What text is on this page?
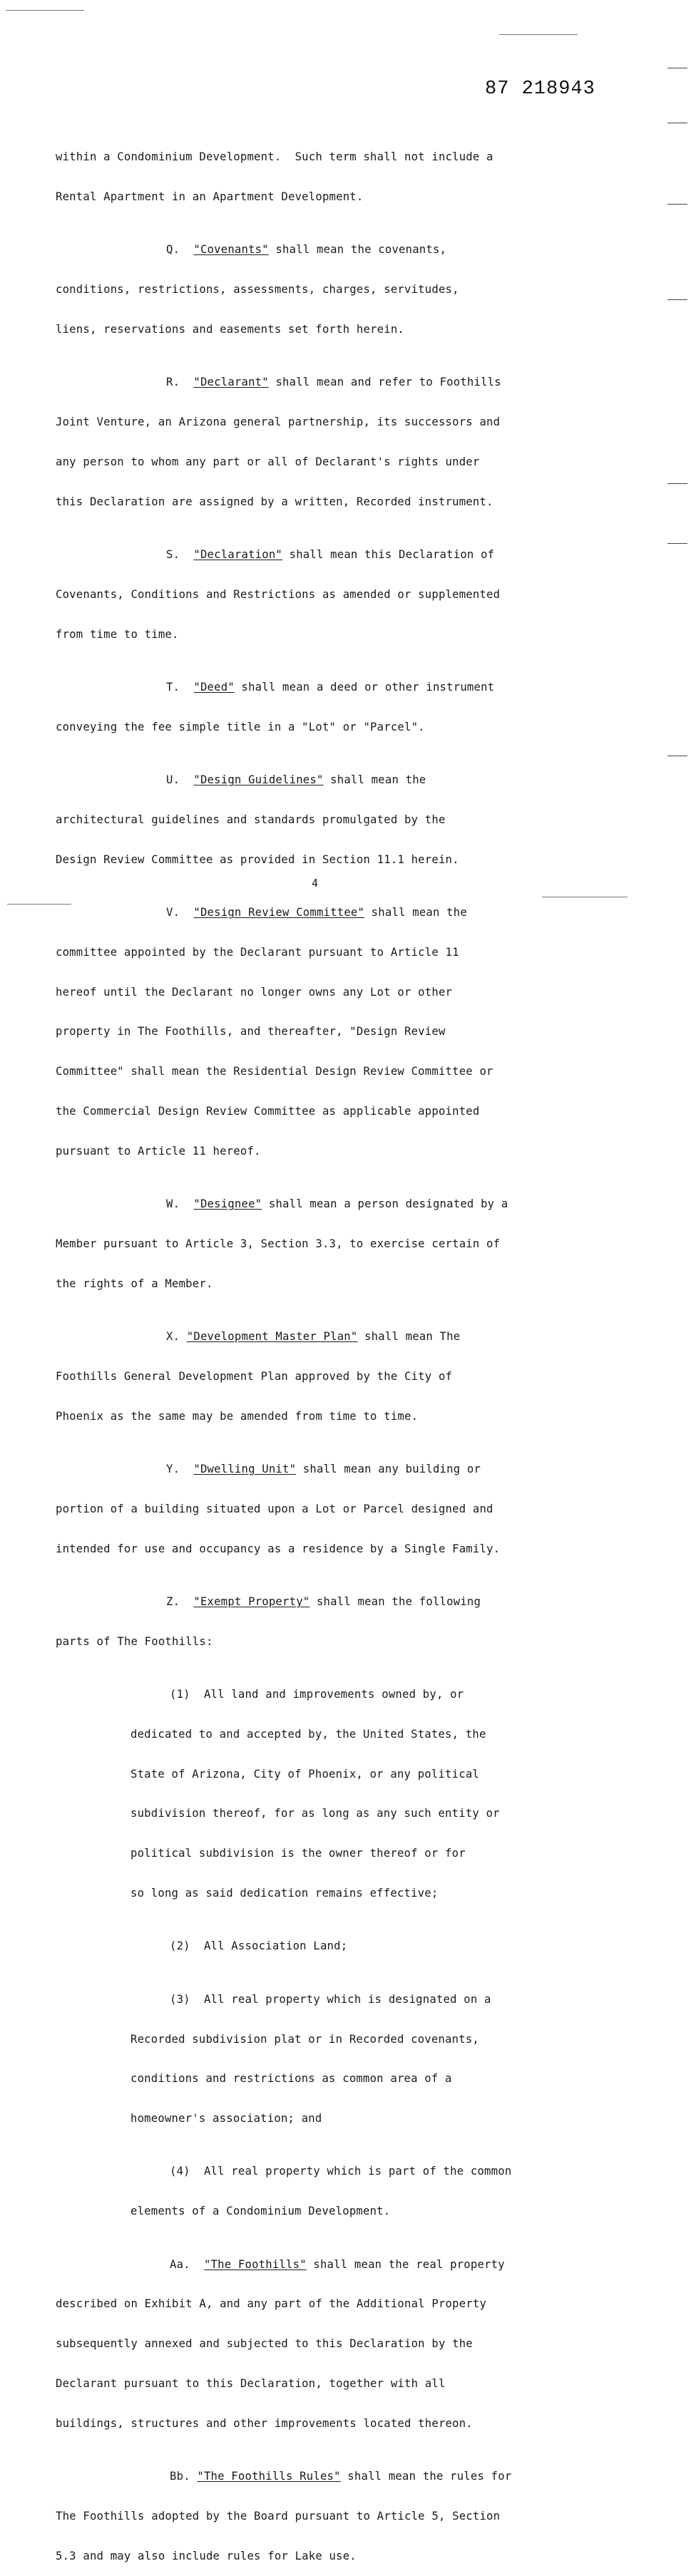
87 218943

within a Condominium Development.  Such term shall not include a

Rental Apartment in an Apartment Development.

Q. "Covenants" shall mean the covenants,

conditions, restrictions, assessments, charges, servitudes,

liens, reservations and easements set forth herein.

R. "Declarant" shall mean and refer to Foothills

Joint Venture, an Arizona general partnership, its successors and

any person to whom any part or all of Declarant's rights under

this Declaration are assigned by a written, Recorded instrument.

S. "Declaration" shall mean this Declaration of

Covenants, Conditions and Restrictions as amended or supplemented

from time to time.

T. "Deed" shall mean a deed or other instrument

conveying the fee simple title in a "Lot" or "Parcel".

U. "Design Guidelines" shall mean the

architectural guidelines and standards promulgated by the

Design Review Committee as provided in Section 11.1 herein.

V. "Design Review Committee" shall mean the

committee appointed by the Declarant pursuant to Article 11

hereof until the Declarant no longer owns any Lot or other

property in The Foothills, and thereafter, "Design Review

Committee" shall mean the Residential Design Review Committee or

the Commercial Design Review Committee as applicable appointed

pursuant to Article 11 hereof.

W. "Designee" shall mean a person designated by a

Member pursuant to Article 3, Section 3.3, to exercise certain of

the rights of a Member.

X. "Development Master Plan" shall mean The

Foothills General Development Plan approved by the City of

Phoenix as the same may be amended from time to time.

Y. "Dwelling Unit" shall mean any building or

portion of a building situated upon a Lot or Parcel designed and

intended for use and occupancy as a residence by a Single Family.

Z. "Exempt Property" shall mean the following

parts of The Foothills:

(1)  All land and improvements owned by, or

dedicated to and accepted by, the United States, the

State of Arizona, City of Phoenix, or any political

subdivision thereof, for as long as any such entity or

political subdivision is the owner thereof or for

so long as said dedication remains effective;

(2)  All Association Land;

(3)  All real property which is designated on a

Recorded subdivision plat or in Recorded covenants,

conditions and restrictions as common area of a

homeowner's association; and

(4)  All real property which is part of the common

elements of a Condominium Development.

Aa. "The Foothills" shall mean the real property

described on Exhibit A, and any part of the Additional Property

subsequently annexed and subjected to this Declaration by the

Declarant pursuant to this Declaration, together with all

buildings, structures and other improvements located thereon.

Bb. "The Foothills Rules" shall mean the rules for

The Foothills adopted by the Board pursuant to Article 5, Section

5.3 and may also include rules for Lake use.

4
